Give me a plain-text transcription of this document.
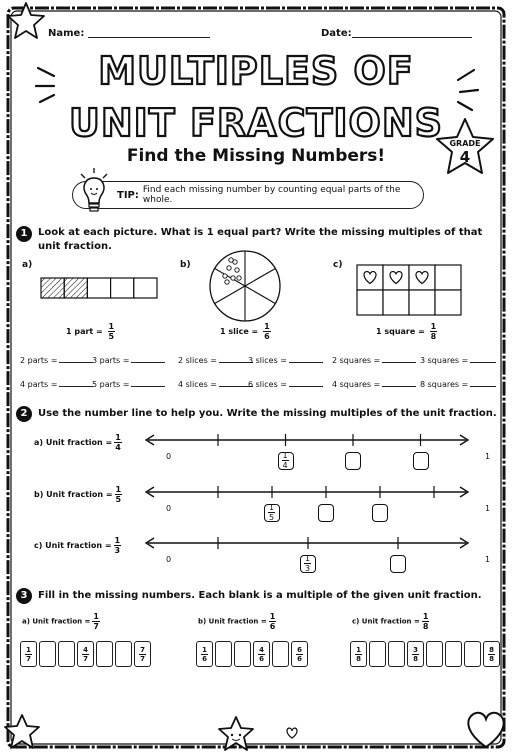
Name:	Date:
MULTIPLES OF
UNIT FRACTIONS GRADE
4
Find the Missing Numbers!
TIP: Find each missing number by counting equal parts of the whole.
1	Look at each picture. What is 1 equal part? Write the missing multiples of that
unit fraction.
a)
1 part = $\frac{1}{5}$
b)
1 slice = $\frac{1}{6}$
c)
1 square = $\frac{1}{8}$
2 parts =	3 parts =
4 parts =	5 parts =
2 slices =	3 slices =
4 slices =	6 slices =
2 squares =	3 squares =
4 squares =	8 squares =
2	Use the number line to help you. Write the missing multiples of the unit fraction.
3	Fill in the missing numbers. Each blank is a multiple of the given unit fraction.
a) Unit fraction = $\frac{1}{4}$
0	1
$\frac{1}{4}$
b) Unit fraction = $\frac{1}{5}$
0	1
$\frac{1}{5}$
c) Unit fraction = $\frac{1}{3}$
0	1
$\frac{1}{3}$
a) Unit fraction = $\frac{1}{7}$
$\frac{1}{7}$	$\frac{4}{7}$	$\frac{7}{7}$
b) Unit fraction = $\frac{1}{6}$
$\frac{1}{6}$	$\frac{4}{6}$	$\frac{6}{6}$
c) Unit fraction = $\frac{1}{8}$
$\frac{1}{8}$	$\frac{3}{8}$	$\frac{8}{8}$
